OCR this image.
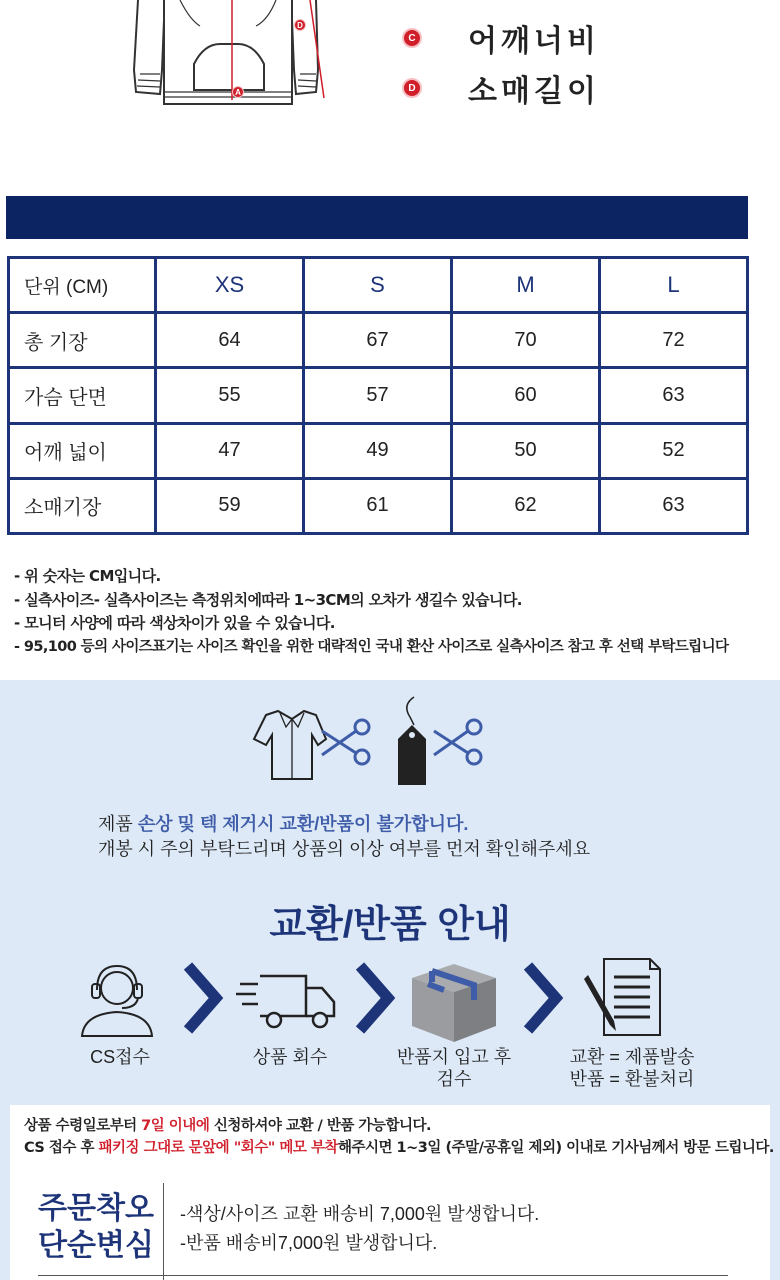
D
A
C 어깨너비
D 소매길이
단위 (CM)	XS	S	M	L
총 기장	64	67	70	72
가슴 단면	55	57	60	63
어깨 넓이	47	49	50	52
소매기장	59	61	62	63
- 위 숫자는 CM입니다.
- 실측사이즈- 실측사이즈는 측정위치에따라 1~3CM의 오차가 생길수 있습니다.
- 모니터 사양에 따라 색상차이가 있을 수 있습니다.
- 95,100 등의 사이즈표기는 사이즈 확인을 위한 대략적인 국내 환산 사이즈로 실측사이즈 참고 후 선택 부탁드립니다
제품 손상 및 텍 제거시 교환/반품이 불가합니다.
개봉 시 주의 부탁드리며 상품의 이상 여부를 먼저 확인해주세요
교환/반품 안내
CS접수	상품 회수	반품지 입고 후 검수
교환 = 제품발송 반품 = 환불처리
상품 수령일로부터 7일 이내에 신청하셔야 교환 / 반품 가능합니다.
CS 접수 후 패키징 그대로 문앞에 "회수" 메모 부착해주시면 1~3일 (주말/공휴일 제외) 이내로 기사님께서 방문 드립니다.
주문착오
단순변심
-색상/사이즈 교환 배송비 7,000원 발생합니다.
-반품 배송비7,000원 발생합니다.
